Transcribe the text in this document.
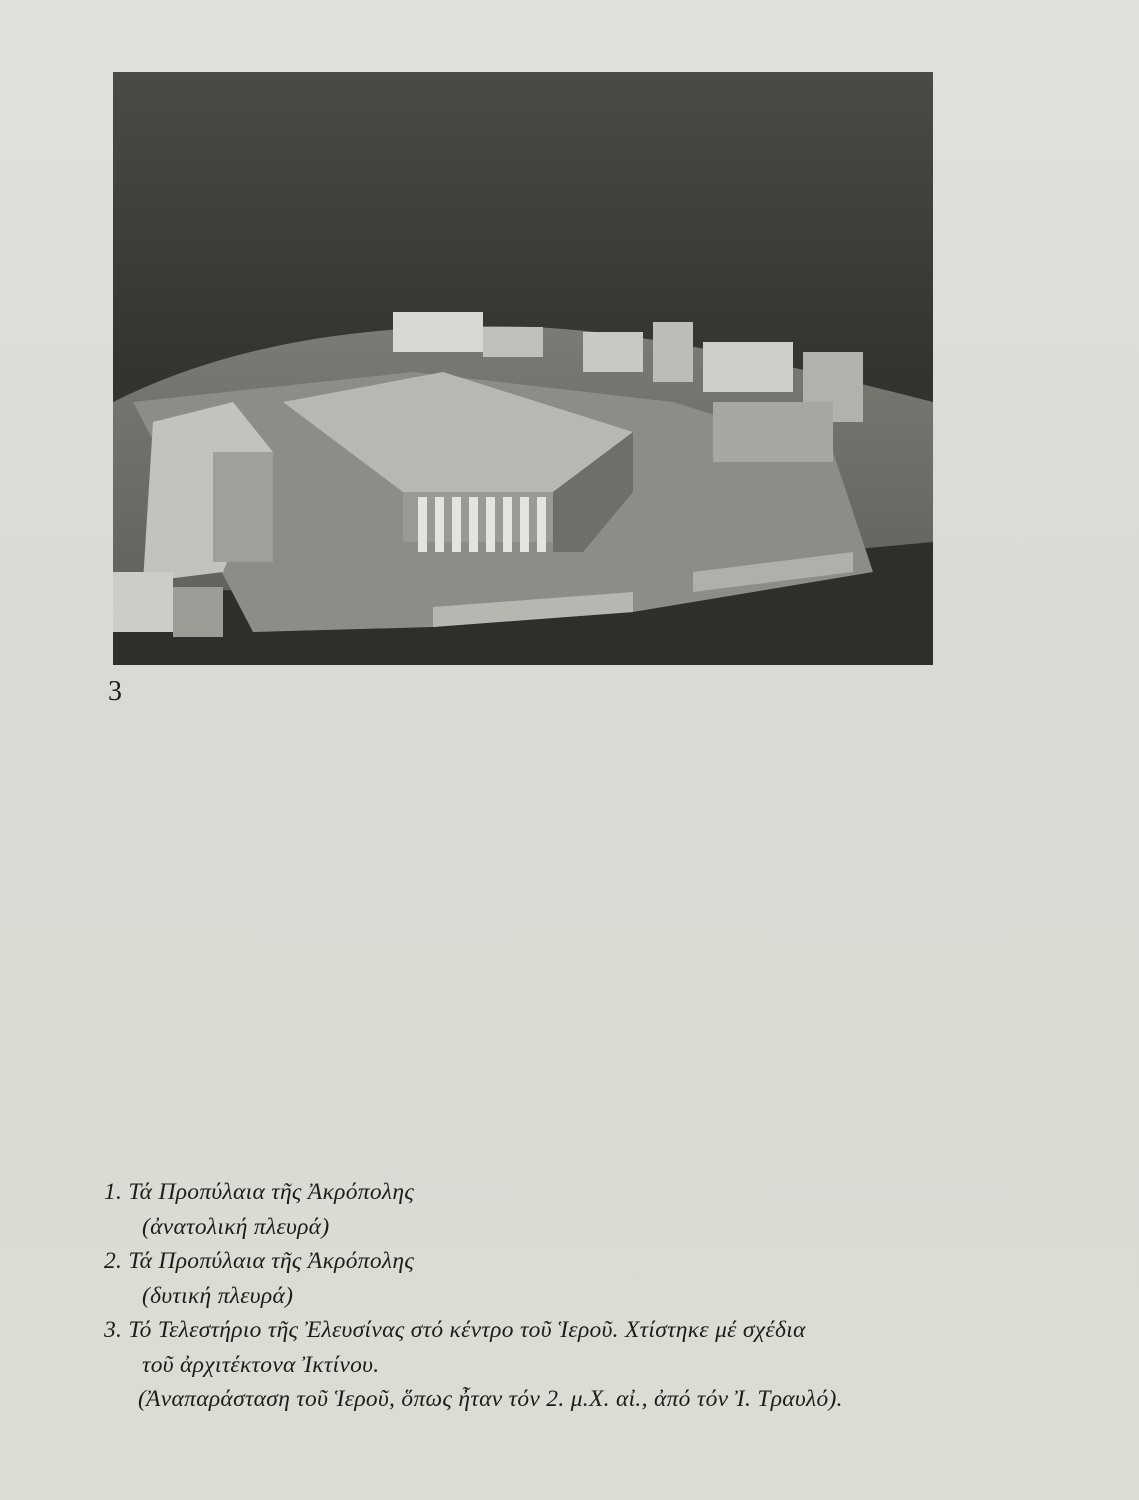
3

1. Τά Προπύλαια τῆς Ἀκρόπολης

(ἀνατολική πλευρά)

2. Τά Προπύλαια τῆς Ἀκρόπολης

(δυτική πλευρά)

3. Τό Τελεστήριο τῆς Ἐλευσίνας στό κέντρο τοῦ Ἱεροῦ. Χτίστηκε μέ σχέδια

τοῦ ἀρχιτέκτονα Ἰκτίνου.

(Ἀναπαράσταση τοῦ Ἱεροῦ, ὅπως ἦταν τόν 2. μ.Χ. αἰ., ἀπό τόν Ἰ. Τραυλό).
